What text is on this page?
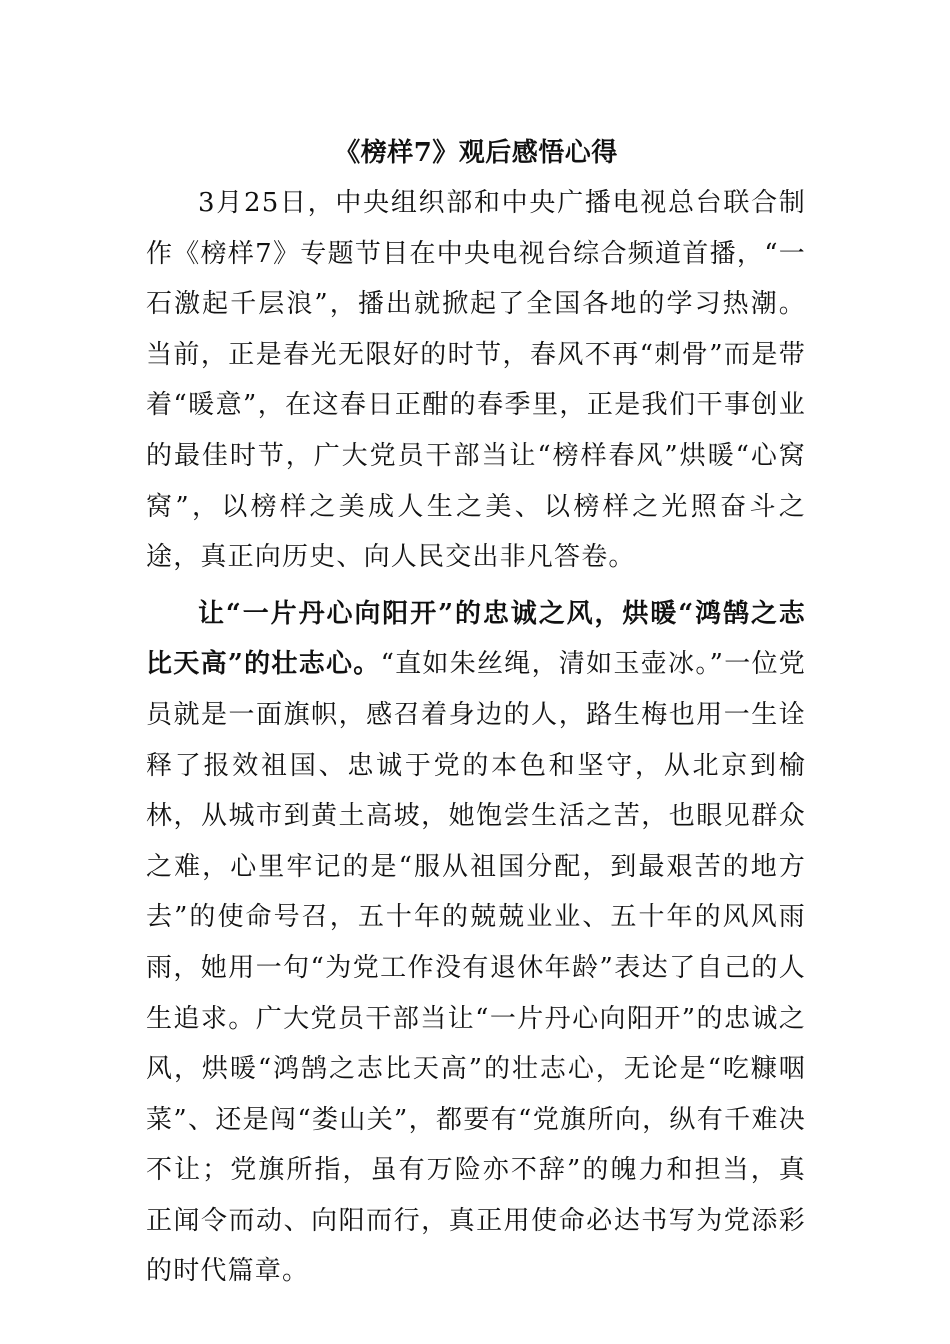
《榜样7》观后感悟心得

3月25日，中央组织部和中央广播电视总台联合制作《榜样7》专题节目在中央电视台综合频道首播，“一石激起千层浪”，播出就掀起了全国各地的学习热潮。当前，正是春光无限好的时节，春风不再“刺骨”而是带着“暖意”，在这春日正酣的春季里，正是我们干事创业的最佳时节，广大党员干部当让“榜样春风”烘暖“心窝窝”，以榜样之美成人生之美、以榜样之光照奋斗之途，真正向历史、向人民交出非凡答卷。

让“一片丹心向阳开”的忠诚之风，烘暖“鸿鹄之志比天高”的壮志心。“直如朱丝绳，清如玉壶冰。”一位党员就是一面旗帜，感召着身边的人，路生梅也用一生诠释了报效祖国、忠诚于党的本色和坚守，从北京到榆林，从城市到黄土高坡，她饱尝生活之苦，也眼见群众之难，心里牢记的是“服从祖国分配，到最艰苦的地方去”的使命号召，五十年的兢兢业业、五十年的风风雨雨，她用一句“为党工作没有退休年龄”表达了自己的人生追求。广大党员干部当让“一片丹心向阳开”的忠诚之风，烘暖“鸿鹄之志比天高”的壮志心，无论是“吃糠咽菜”、还是闯“娄山关”，都要有“党旗所向，纵有千难决不让；党旗所指，虽有万险亦不辞”的魄力和担当，真正闻令而动、向阳而行，真正用使命必达书写为党添彩的时代篇章。
